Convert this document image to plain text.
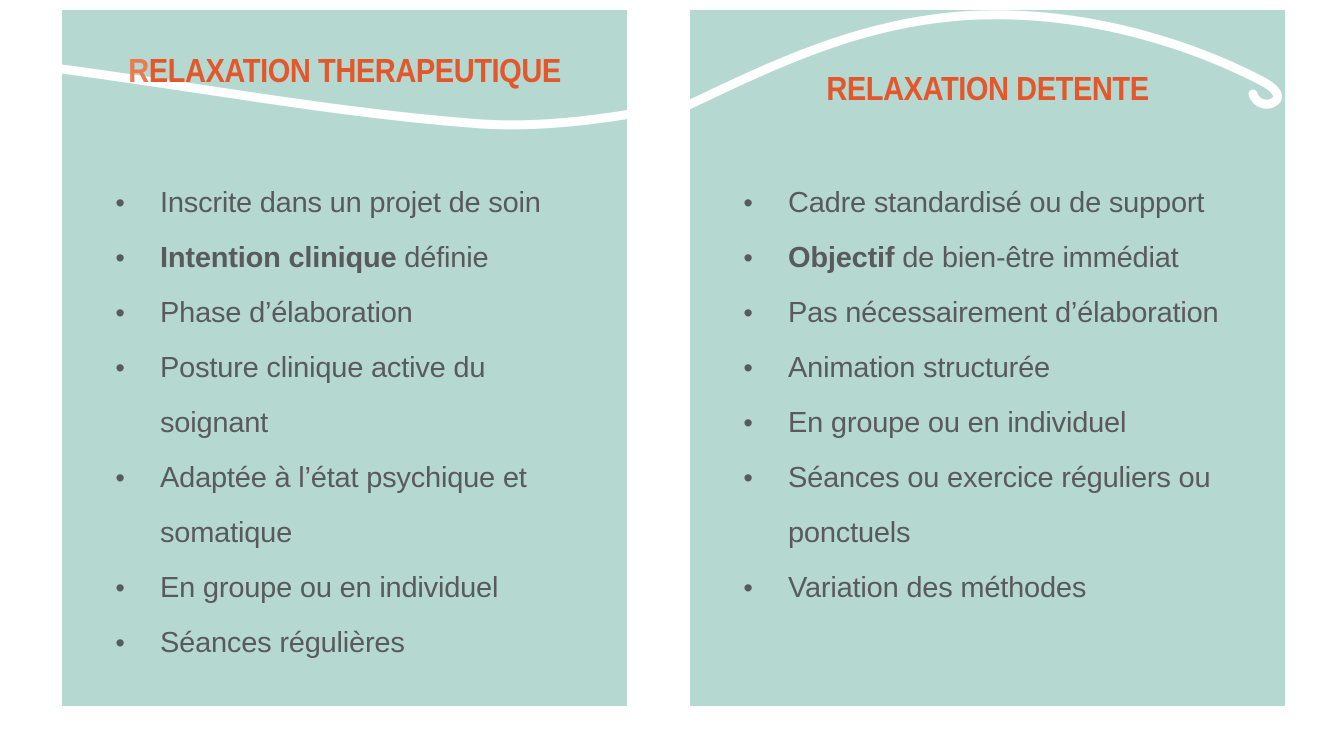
RELAXATION THERAPEUTIQUE
•	Inscrite dans un projet de soin
•	Intention clinique définie
•	Phase d’élaboration
•	Posture clinique active du soignant
•	Adaptée à l’état psychique et somatique
•	En groupe ou en individuel
•	Séances régulières
RELAXATION DETENTE
•	Cadre standardisé ou de support
•	Objectif de bien-être immédiat
•	Pas nécessairement d’élaboration
•	Animation structurée
•	En groupe ou en individuel
•	Séances ou exercice réguliers ou ponctuels
•	Variation des méthodes
